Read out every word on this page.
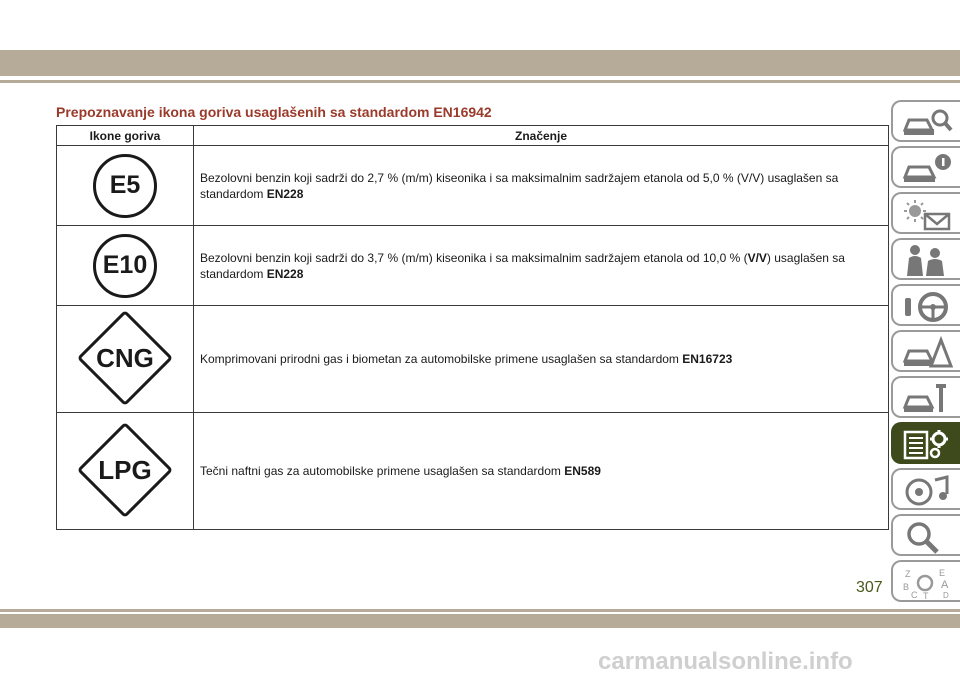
Prepoznavanje ikona goriva usaglašenih sa standardom EN16942
Ikone goriva	Značenje
E5	Bezolovni benzin koji sadrži do 2,7 % (m/m) kiseonika i sa maksimalnim sadržajem etanola od 5,0 % (V/V) usaglašen sa standardom EN228
E10	Bezolovni benzin koji sadrži do 3,7 % (m/m) kiseonika i sa maksimalnim sadržajem etanola od 10,0 % (V/V) usaglašen sa standardom EN228

CNG	Komprimovani prirodni gas i biometan za automobilske primene usaglašen sa standardom EN16723

LPG	Tečni naftni gas za automobilske primene usaglašen sa standardom EN589
Z	E
B	A
C	D
T
307
carmanualsonline.info
